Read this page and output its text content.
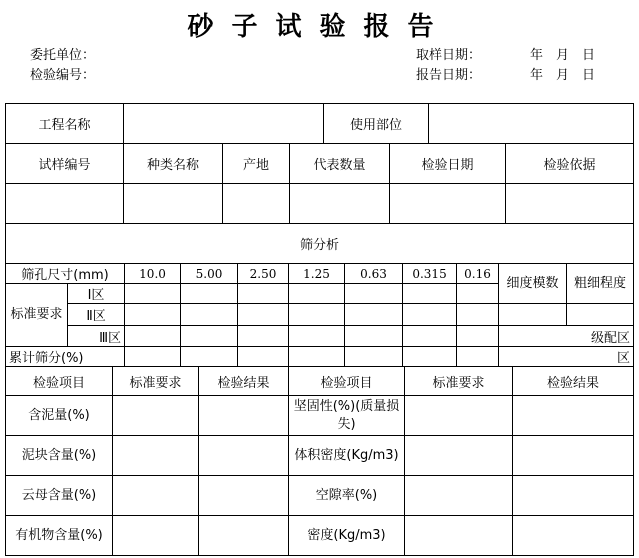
砂子试验报告
委托单位：
检验编号：
取样日期：
报告日期：
年　月　日
年　月　日
工程名称		使用部位	
试样编号	种类名称	产地	代表数量	检验日期	检验依据

筛分析					
筛孔尺寸(mm)		10.0	5.00	2.50	1.25	0.63	0.315	0.16	细度模数	粗细程度
标准要求	Ⅰ区									
	Ⅱ区									
	Ⅲ区								级配区	
累计筛分(%)									区	
检验项目	标准要求	检验结果	检验项目	标准要求	检验结果
含泥量(%)			坚固性(%)(质量损失)		
泥块含量(%)			体积密度(Kg/m3)		
云母含量(%)			空隙率(%)		
有机物含量(%)			密度(Kg/m3)		
